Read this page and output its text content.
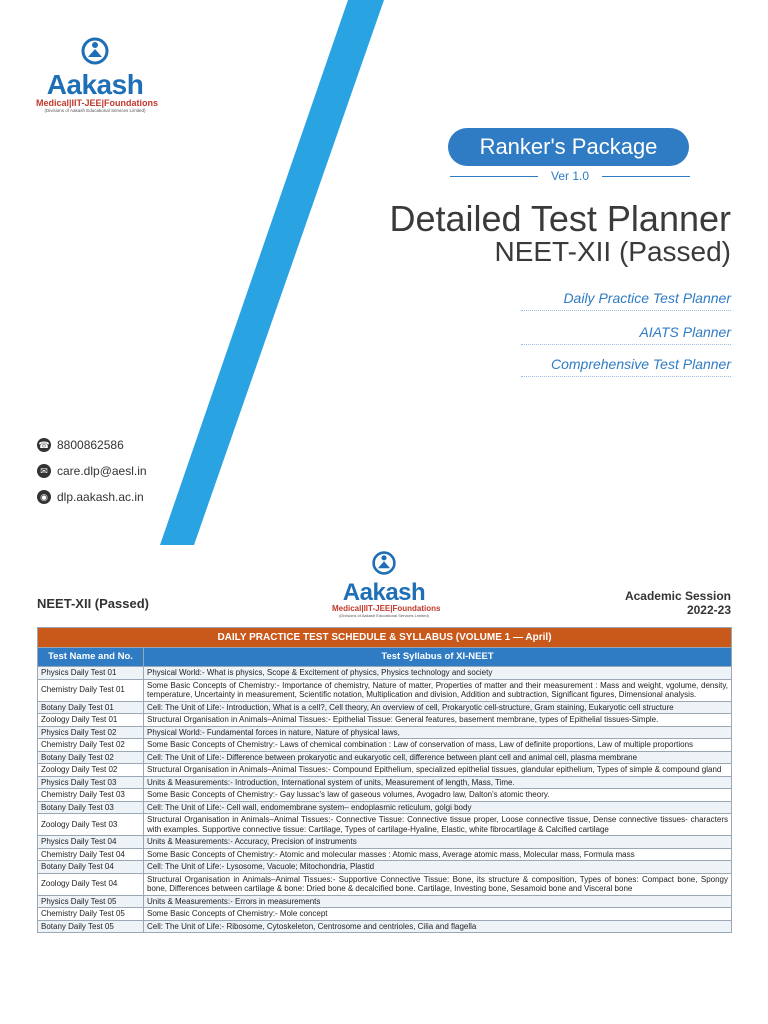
Aakash
Medical|IIT-JEE|Foundations
(Divisions of Aakash Educational Services Limited)
Ranker's Package
Ver 1.0
Detailed Test Planner
NEET-XII (Passed)
Daily Practice Test Planner
AIATS Planner
Comprehensive Test Planner
☎ 8800862586
✉ care.dlp@aesl.in
◉ dlp.aakash.ac.in
Aakash
Medical|IIT-JEE|Foundations
(Divisions of Aakash Educational Services Limited)
NEET-XII (Passed)	Academic Session
2022-23
DAILY PRACTICE TEST SCHEDULE & SYLLABUS (VOLUME 1 — April)	
Test Name and No.	Test Syllabus of XI-NEET
Physics Daily Test 01	Physical World:- What is physics, Scope & Excitement of physics, Physics technology and society
Chemistry Daily Test 01	Some Basic Concepts of Chemistry:- Importance of chemistry, Nature of matter, Properties of matter and their measurement : Mass and weight, vgolume, density, temperature, Uncertainty in measurement, Scientific notation, Multiplication and division, Addition and subtraction, Significant figures, Dimensional analysis.
Botany Daily Test 01	Cell: The Unit of Life:- Introduction, What is a cell?, Cell theory, An overview of cell, Prokaryotic cell-structure, Gram staining, Eukaryotic cell structure
Zoology Daily Test 01	Structural Organisation in Animals–Animal Tissues:- Epithelial Tissue: General features, basement membrane, types of Epithelial tissues-Simple.
Physics Daily Test 02	Physical World:- Fundamental forces in nature, Nature of physical laws,
Chemistry Daily Test 02	Some Basic Concepts of Chemistry:- Laws of chemical combination : Law of conservation of mass, Law of definite proportions, Law of multiple proportions
Botany Daily Test 02	Cell: The Unit of Life:- Difference between prokaryotic and eukaryotic cell, difference between plant cell and animal cell, plasma membrane
Zoology Daily Test 02	Structural Organisation in Animals–Animal Tissues:- Compound Epithelium, specialized epithelial tissues, glandular epithelium, Types of simple & compound gland
Physics Daily Test 03	Units & Measurements:- Introduction, International system of units, Measurement of length, Mass, Time.
Chemistry Daily Test 03	Some Basic Concepts of Chemistry:- Gay lussac's law of gaseous volumes, Avogadro law, Dalton's atomic theory.
Botany Daily Test 03	Cell: The Unit of Life:- Cell wall, endomembrane system– endoplasmic reticulum, golgi body
Zoology Daily Test 03	Structural Organisation in Animals–Animal Tissues:- Connective Tissue: Connective tissue proper, Loose connective tissue, Dense connective tissues- characters with examples. Supportive connective tissue: Cartilage, Types of cartilage-Hyaline, Elastic, white fibrocartilage & Calcified cartilage
Physics Daily Test 04	Units & Measurements:- Accuracy, Precision of instruments
Chemistry Daily Test 04	Some Basic Concepts of Chemistry:- Atomic and molecular masses : Atomic mass, Average atomic mass, Molecular mass, Formula mass
Botany Daily Test 04	Cell: The Unit of Life:- Lysosome, Vacuole; Mitochondria, Plastid
Zoology Daily Test 04	Structural Organisation in Animals–Animal Tissues:- Supportive Connective Tissue: Bone, its structure & composition, Types of bones: Compact bone, Spongy bone, Differences between cartilage & bone: Dried bone & decalcified bone. Cartilage, Investing bone, Sesamoid bone and Visceral bone
Physics Daily Test 05	Units & Measurements:- Errors in measurements
Chemistry Daily Test 05	Some Basic Concepts of Chemistry:- Mole concept
Botany Daily Test 05	Cell: The Unit of Life:- Ribosome, Cytoskeleton, Centrosome and centrioles, Cilia and flagella
